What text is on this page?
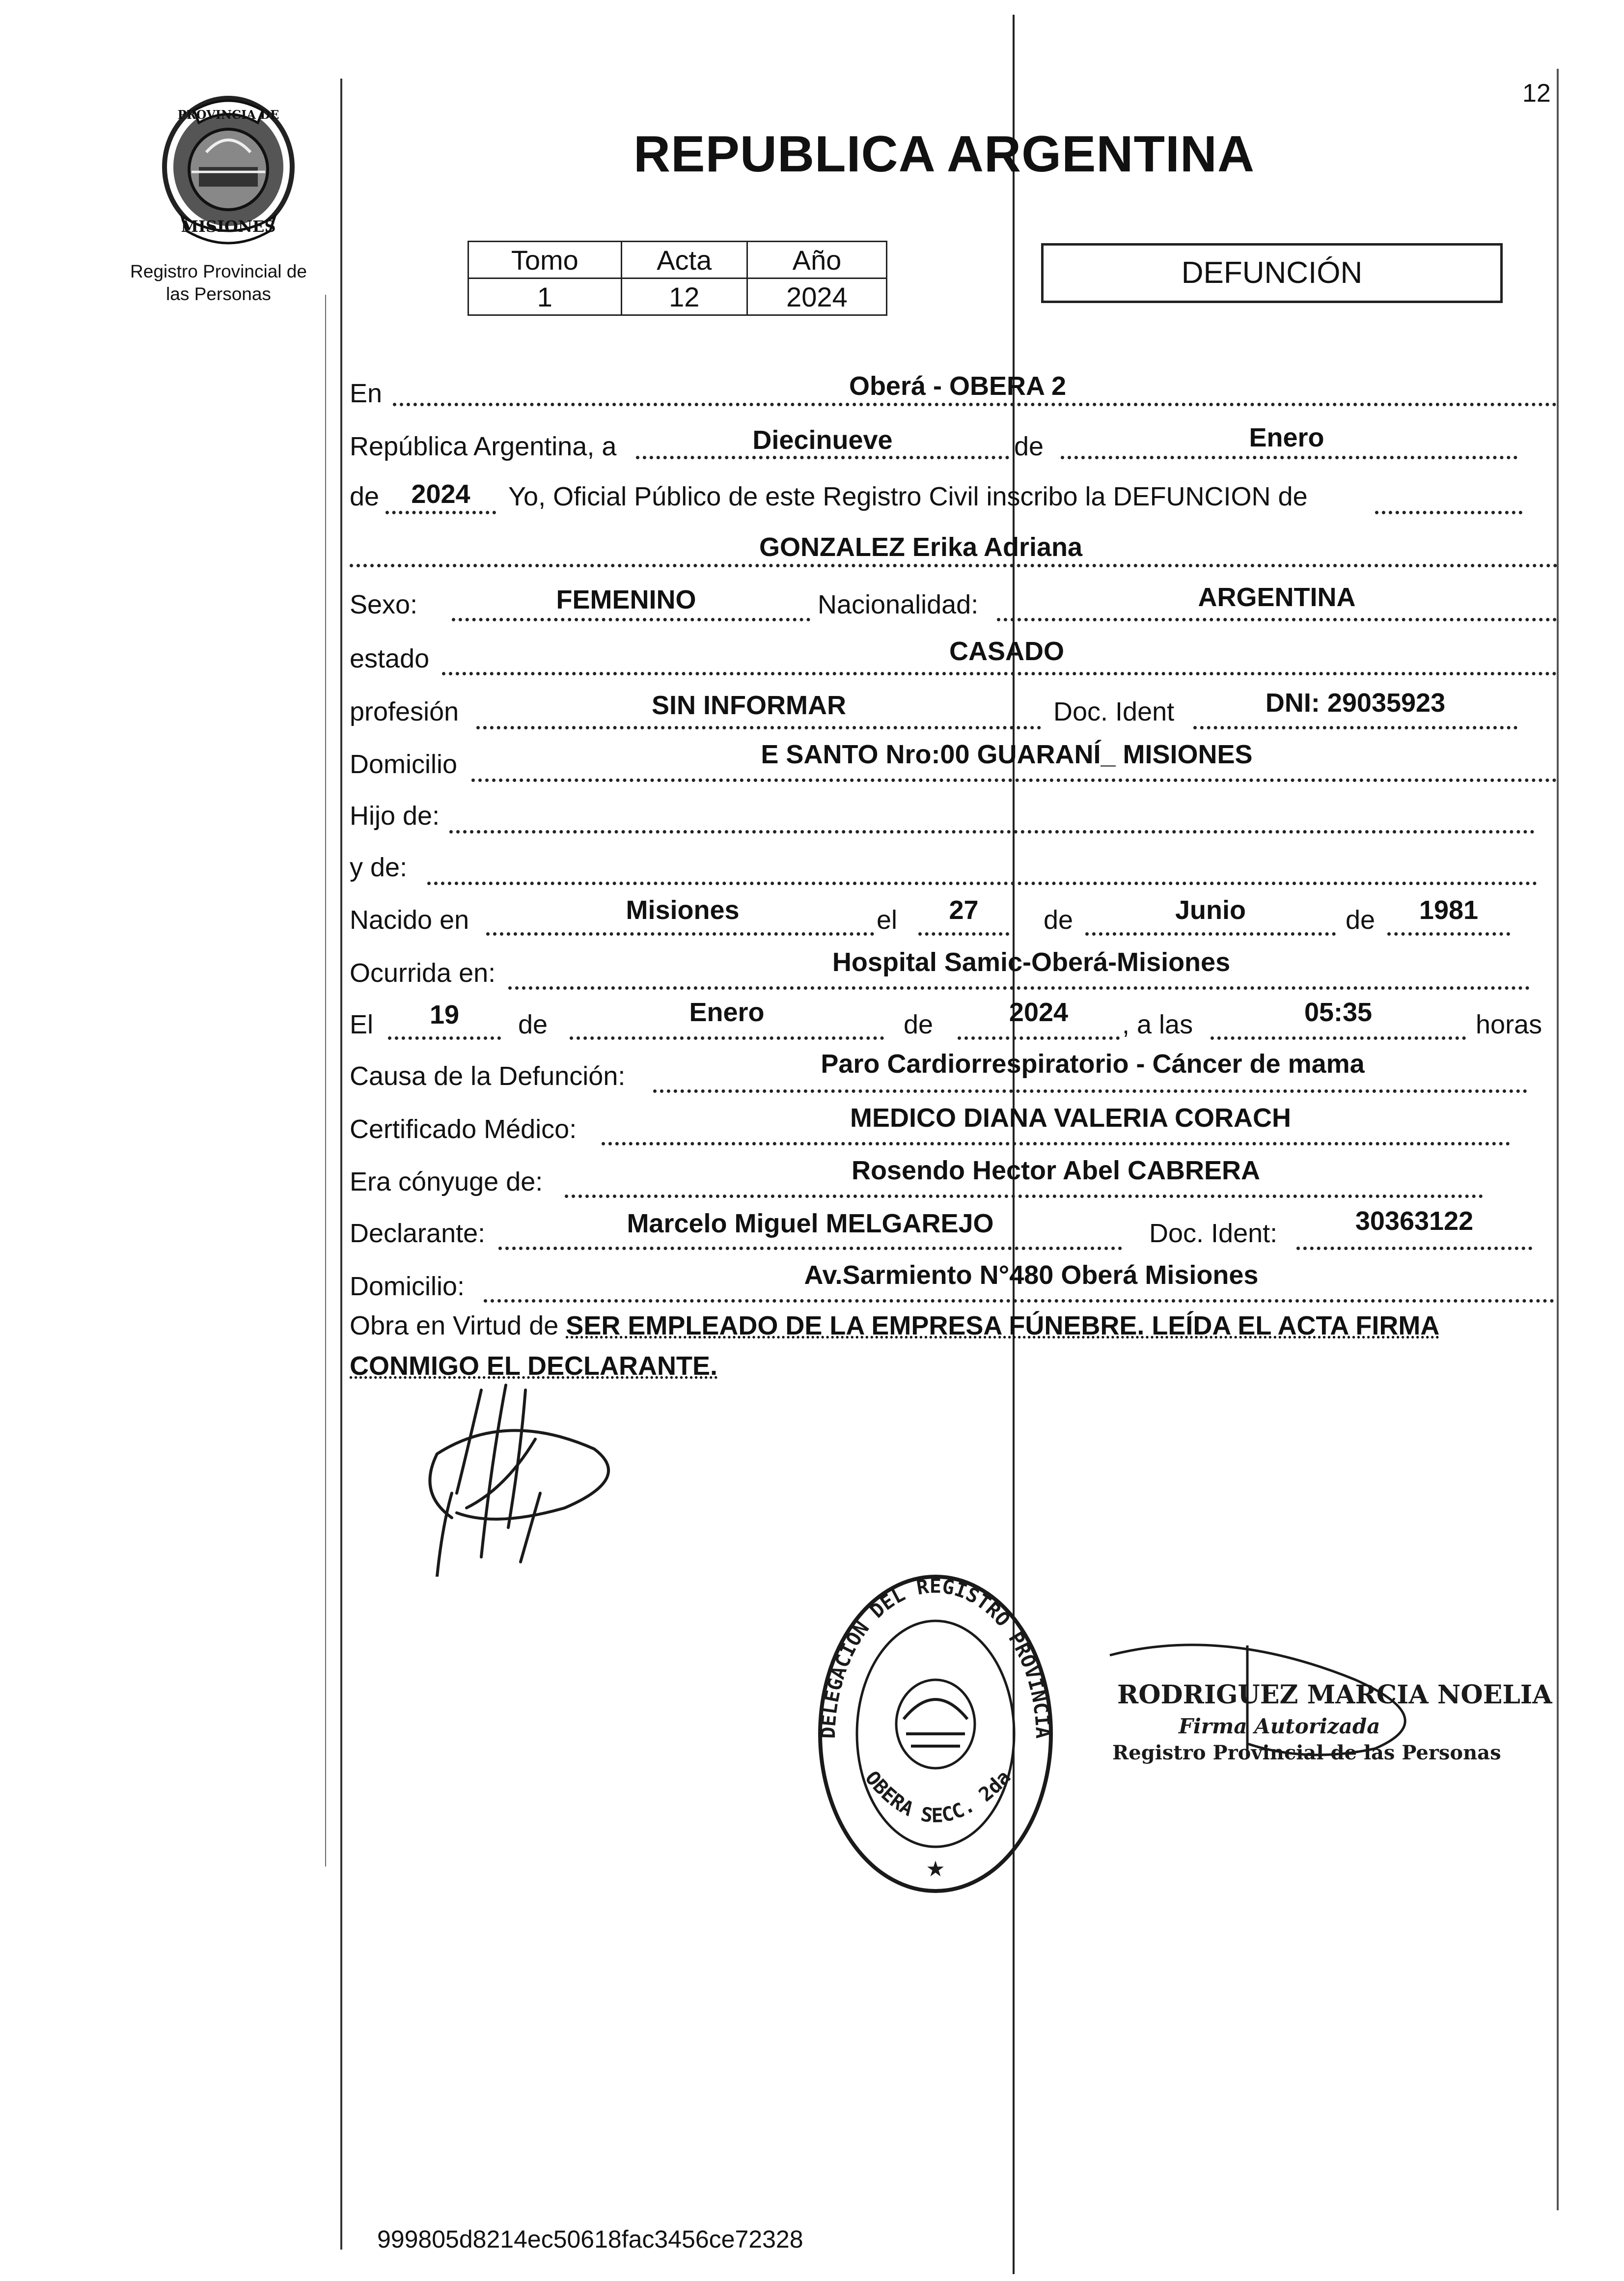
12
PROVINCIA DE
MISIONES
Registro Provincial de
las Personas
REPUBLICA ARGENTINA
Tomo	Acta	Año
1	12	2024
DEFUNCIÓN
En	Oberá - OBERA 2
República Argentina, a	Diecinueve	de	Enero
de	2024	Yo, Oficial Público de este Registro Civil inscribo la DEFUNCION de
GONZALEZ Erika Adriana
Sexo:	FEMENINO	Nacionalidad:	ARGENTINA
estado	CASADO
profesión	SIN INFORMAR	Doc. Ident	DNI: 29035923
Domicilio	E SANTO Nro:00 GUARANÍ_ MISIONES
Hijo de:
y de:
Nacido en	Misiones	el	27	de	Junio	de	1981
Ocurrida en:	Hospital Samic-Oberá-Misiones
El	19	de	Enero	de	2024	, a las	05:35	horas
Causa de la Defunción:	Paro Cardiorrespiratorio - Cáncer de mama
Certificado Médico:	MEDICO DIANA VALERIA CORACH
Era cónyuge de:	Rosendo Hector Abel CABRERA
Declarante:	Marcelo Miguel MELGAREJO	Doc. Ident:	30363122
Domicilio:	Av.Sarmiento N°480 Oberá Misiones
Obra en Virtud de SER EMPLEADO DE LA EMPRESA FÚNEBRE. LEÍDA EL ACTA FIRMA CONMIGO EL DECLARANTE.
DELEGACION DEL REGISTRO PROVINCIA
OBERA SECC. 2da
★
RODRIGUEZ MARCIA NOELIA
Firma Autorizada
Registro Provincial de las Personas
999805d8214ec50618fac3456ce72328
